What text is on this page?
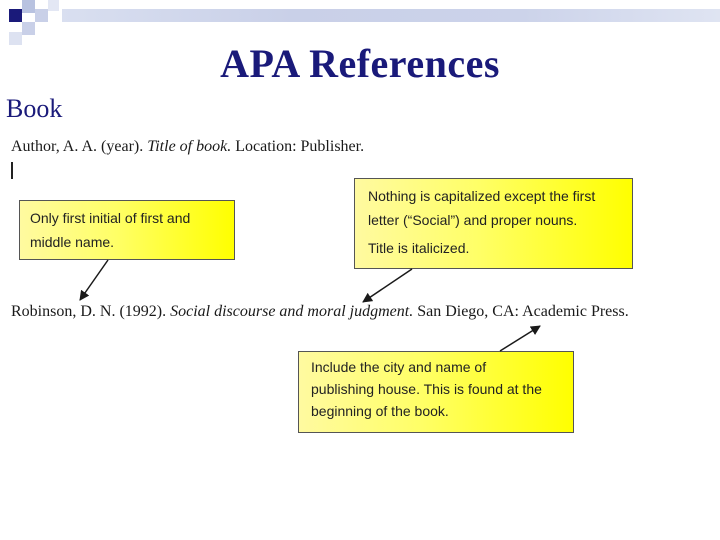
APA References
Book
Author, A. A. (year). Title of book. Location: Publisher.

Only first initial of first and

middle name.

Nothing is capitalized except the first

letter (“Social”) and proper nouns.

Title is italicized.

Robinson, D. N. (1992). Social discourse and moral judgment. San Diego, CA: Academic Press.

Include the city and name of

publishing house. This is found at the

beginning of the book.
